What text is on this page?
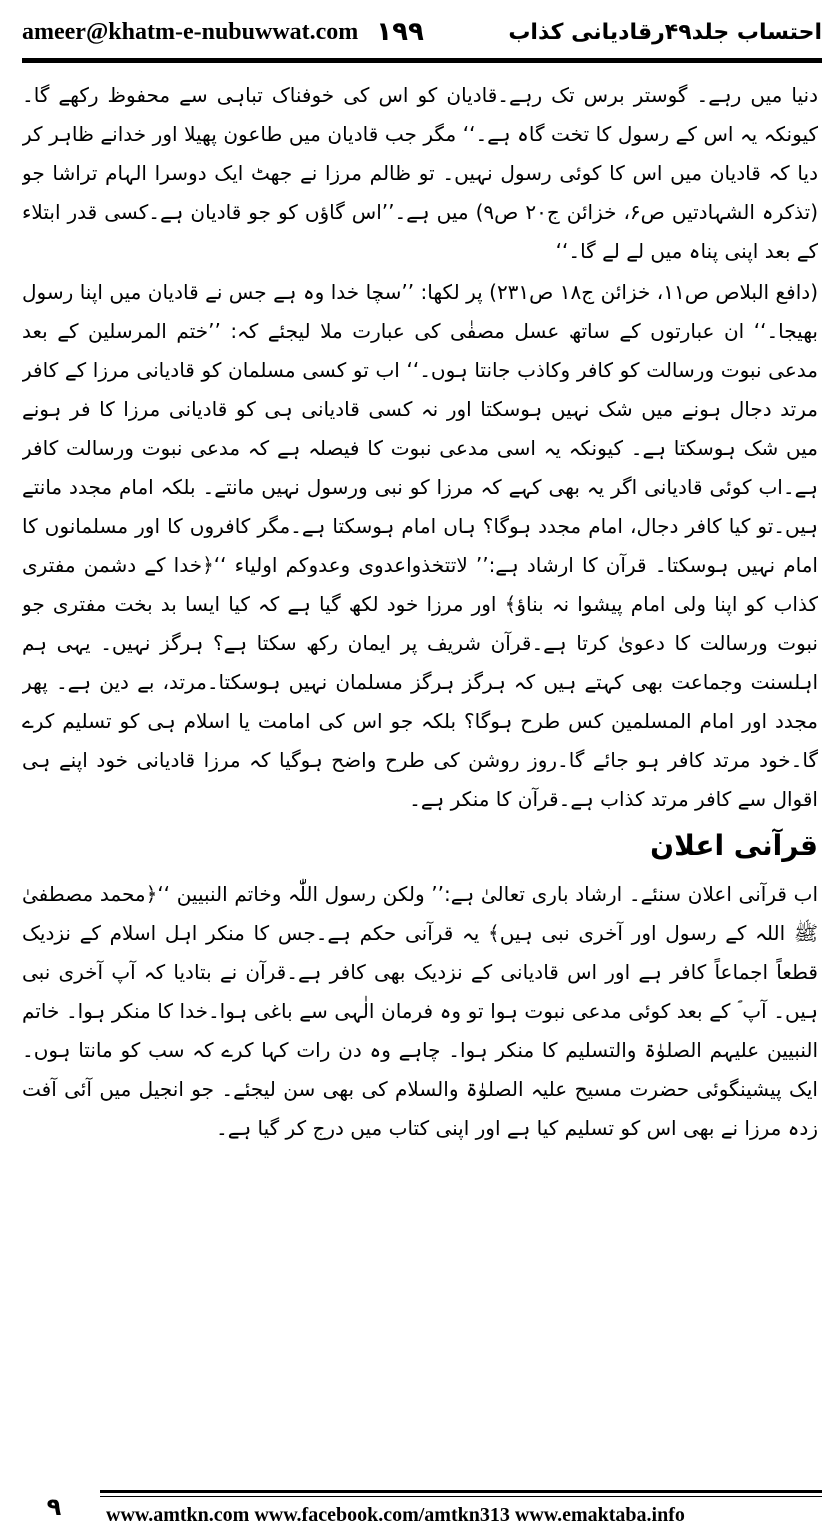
ameer@khatm-e-nubuwwat.com ۱۹۹	احتساب جلد۴۹رقادیانی کذاب

دنیا میں رہے۔ گوستر برس تک رہے۔قادیان کو اس کی خوفناک تباہی سے محفوظ رکھے گا۔ کیونکہ یہ اس کے رسول کا تخت گاہ ہے۔‘‘ مگر جب قادیان میں طاعون پھیلا اور خدانے ظاہر کر دیا کہ قادیان میں اس کا کوئی رسول نہیں۔ تو ظالم مرزا نے جھٹ ایک دوسرا الہام تراشا جو (تذکرہ الشہادتیں ص۶، خزائن ج۲۰ ص۹) میں ہے۔’’اس گاؤں کو جو قادیان ہے۔کسی قدر ابتلاء کے بعد اپنی پناہ میں لے لے گا۔‘‘

(دافع البلاص ص۱۱، خزائن ج۱۸ ص۲۳۱) پر لکھا: ’’سچا خدا وہ ہے جس نے قادیان میں اپنا رسول بھیجا۔‘‘ ان عبارتوں کے ساتھ عسل مصفٰی کی عبارت ملا لیجئے کہ: ’’ختم المرسلین کے بعد مدعی نبوت ورسالت کو کافر وکاذب جانتا ہوں۔‘‘ اب تو کسی مسلمان کو قادیانی مرزا کے کافر مرتد دجال ہونے میں شک نہیں ہوسکتا اور نہ کسی قادیانی ہی کو قادیانی مرزا کا فر ہونے میں شک ہوسکتا ہے۔ کیونکہ یہ اسی مدعی نبوت کا فیصلہ ہے کہ مدعی نبوت ورسالت کافر ہے۔اب کوئی قادیانی اگر یہ بھی کہے کہ مرزا کو نبی ورسول نہیں مانتے۔ بلکہ امام مجدد مانتے ہیں۔تو کیا کافر دجال، امام مجدد ہوگا؟ ہاں امام ہوسکتا ہے۔مگر کافروں کا اور مسلمانوں کا امام نہیں ہوسکتا۔ قرآن کا ارشاد ہے:’’ لاتتخذواعدوی وعدوکم اولیاء ‘‘﴿خدا کے دشمن مفتری کذاب کو اپنا ولی امام پیشوا نہ بناؤ﴾ اور مرزا خود لکھ گیا ہے کہ کیا ایسا بد بخت مفتری جو نبوت ورسالت کا دعویٰ کرتا ہے۔قرآن شریف پر ایمان رکھ سکتا ہے؟ ہرگز نہیں۔ یہی ہم اہلسنت وجماعت بھی کہتے ہیں کہ ہرگز ہرگز مسلمان نہیں ہوسکتا۔مرتد، بے دین ہے۔ پھر مجدد اور امام المسلمین کس طرح ہوگا؟ بلکہ جو اس کی امامت یا اسلام ہی کو تسلیم کرے گا۔خود مرتد کافر ہو جائے گا۔روز روشن کی طرح واضح ہوگیا کہ مرزا قادیانی خود اپنے ہی اقوال سے کافر مرتد کذاب ہے۔قرآن کا منکر ہے۔

قرآنی اعلان

اب قرآنی اعلان سنئے۔ ارشاد باری تعالیٰ ہے:’’ ولکن رسول اللّٰہ وخاتم النبیین ‘‘﴿محمد مصطفیٰ ﷺ اللہ کے رسول اور آخری نبی ہیں﴾ یہ قرآنی حکم ہے۔جس کا منکر اہل اسلام کے نزدیک قطعاً اجماعاً کافر ہے اور اس قادیانی کے نزدیک بھی کافر ہے۔قرآن نے بتادیا کہ آپ آخری نبی ہیں۔ آپ ؐ کے بعد کوئی مدعی نبوت ہوا تو وہ فرمان الٰہی سے باغی ہوا۔خدا کا منکر ہوا۔ خاتم النبیین علیہم الصلوٰۃ والتسلیم کا منکر ہوا۔ چاہے وہ دن رات کہا کرے کہ سب کو مانتا ہوں۔ ایک پیشینگوئی حضرت مسیح علیہ الصلوٰۃ والسلام کی بھی سن لیجئے۔ جو انجیل میں آئی آفت زدہ مرزا نے بھی اس کو تسلیم کیا ہے اور اپنی کتاب میں درج کر گیا ہے۔

۹	www.amtkn.com www.facebook.com/amtkn313 www.emaktaba.info
